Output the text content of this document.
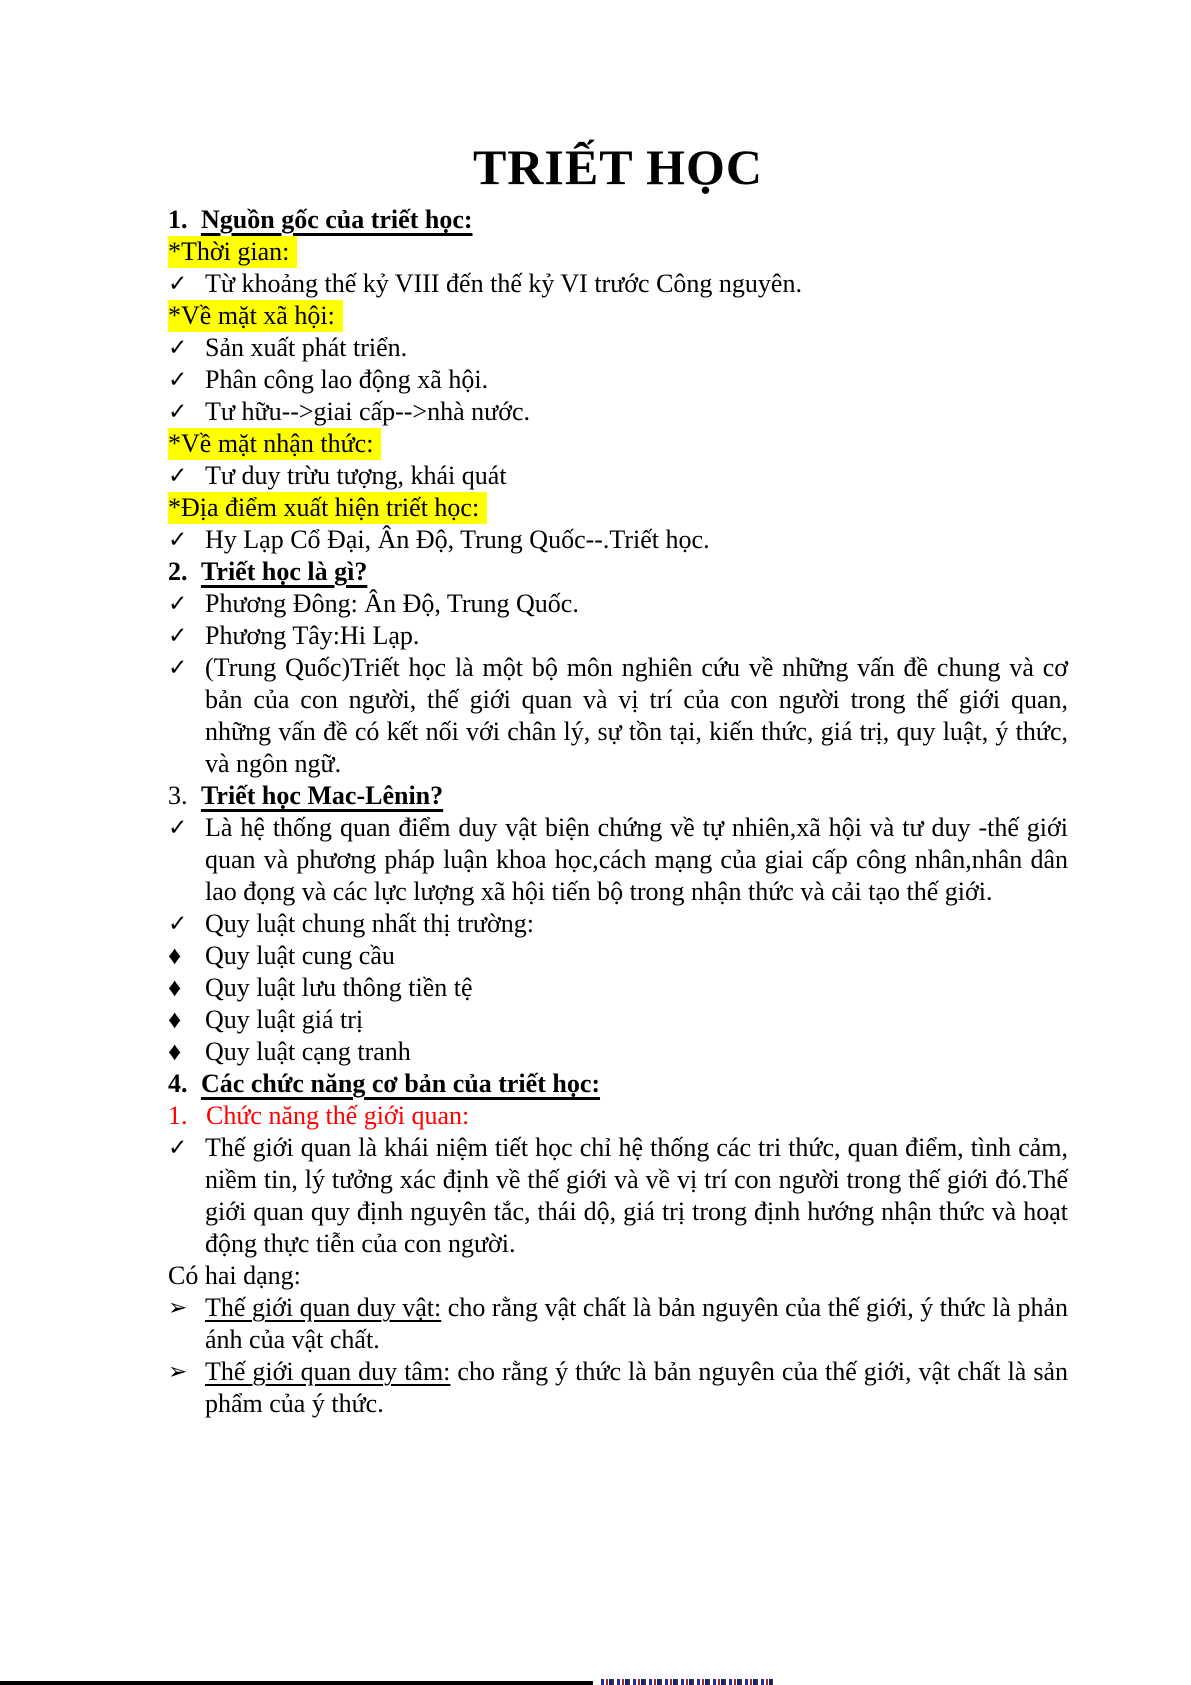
TRIẾT HỌC
1. Nguồn gốc của triết học:
*Thời gian:
✓ Từ khoảng thế kỷ VIII đến thế kỷ VI trước Công nguyên.
*Về mặt xã hội:
✓ Sản xuất phát triển.
✓ Phân công lao động xã hội.
✓ Tư hữu-->giai cấp-->nhà nước.
*Về mặt nhận thức:
✓ Tư duy trừu tượng, khái quát
*Địa điểm xuất hiện triết học:
✓ Hy Lạp Cổ Đại, Ân Độ, Trung Quốc--.Triết học.
2. Triết học là gì?
✓ Phương Đông: Ân Độ, Trung Quốc.
✓ Phương Tây:Hi Lạp.
✓ (Trung Quốc)Triết học là một bộ môn nghiên cứu về những vấn đề chung và cơ bản của con người, thế giới quan và vị trí của con người trong thế giới quan, những vấn đề có kết nối với chân lý, sự tồn tại, kiến thức, giá trị, quy luật, ý thức, và ngôn ngữ.
3. Triết học Mac-Lênin?
✓ Là hệ thống quan điểm duy vật biện chứng về tự nhiên,xã hội và tư duy -thế giới quan và phương pháp luận khoa học,cách mạng của giai cấp công nhân,nhân dân lao đọng và các lực lượng xã hội tiến bộ trong nhận thức và cải tạo thế giới.
✓ Quy luật chung nhất thị trường:
♦ Quy luật cung cầu
♦ Quy luật lưu thông tiền tệ
♦ Quy luật giá trị
♦ Quy luật cạng tranh
4. Các chức năng cơ bản của triết học:
1. Chức năng thế giới quan:
✓ Thế giới quan là khái niệm tiết học chỉ hệ thống các tri thức, quan điểm, tình cảm, niềm tin, lý tưởng xác định về thế giới và về vị trí con người trong thế giới đó.Thế giới quan quy định nguyên tắc, thái dộ, giá trị trong định hướng nhận thức và hoạt động thực tiễn của con người.
Có hai dạng:
➢ Thế giới quan duy vật: cho rằng vật chất là bản nguyên của thế giới, ý thức là phản ánh của vật chất.
➢ Thế giới quan duy tâm: cho rằng ý thức là bản nguyên của thế giới, vật chất là sản phẩm của ý thức.
